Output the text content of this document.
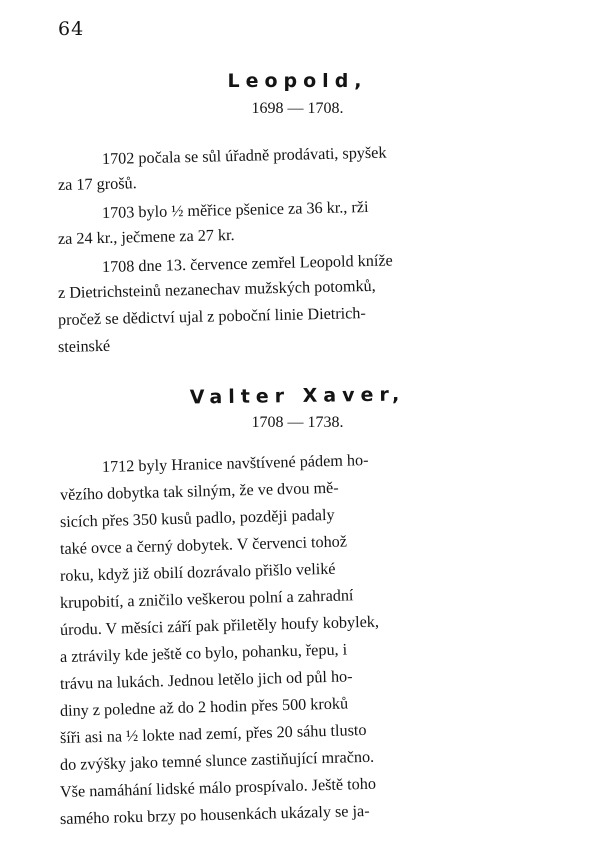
64
Leopold,
1698 — 1708.
1702 počala se sůl úřadně prodávati, spyšek
za 17 grošů.
1703 bylo ½ měřice pšenice za 36 kr., rži
za 24 kr., ječmene za 27 kr.
1708 dne 13. července zemřel Leopold kníže
z Dietrichsteinů nezanechav mužských potomků,
pročež se dědictví ujal z poboční linie Dietrich-
steinské
Valter Xaver,
1708 — 1738.
1712 byly Hranice navštívené pádem ho-
vězího dobytka tak silným, že ve dvou mě-
sicích přes 350 kusů padlo, později padaly
také ovce a černý dobytek. V červenci tohož
roku, když již obilí dozrávalo přišlo veliké
krupobití, a zničilo veškerou polní a zahradní
úrodu. V měsíci září pak přiletěly houfy kobylek,
a ztrávily kde ještě co bylo, pohanku, řepu, i
trávu na lukách. Jednou letělo jich od půl ho-
diny z poledne až do 2 hodin přes 500 kroků
šíři asi na ½ lokte nad zemí, přes 20 sáhu tlusto
do zvýšky jako temné slunce zastiňující mračno.
Vše namáhání lidské málo prospívalo. Ještě toho
samého roku brzy po housenkách ukázaly se ja-
